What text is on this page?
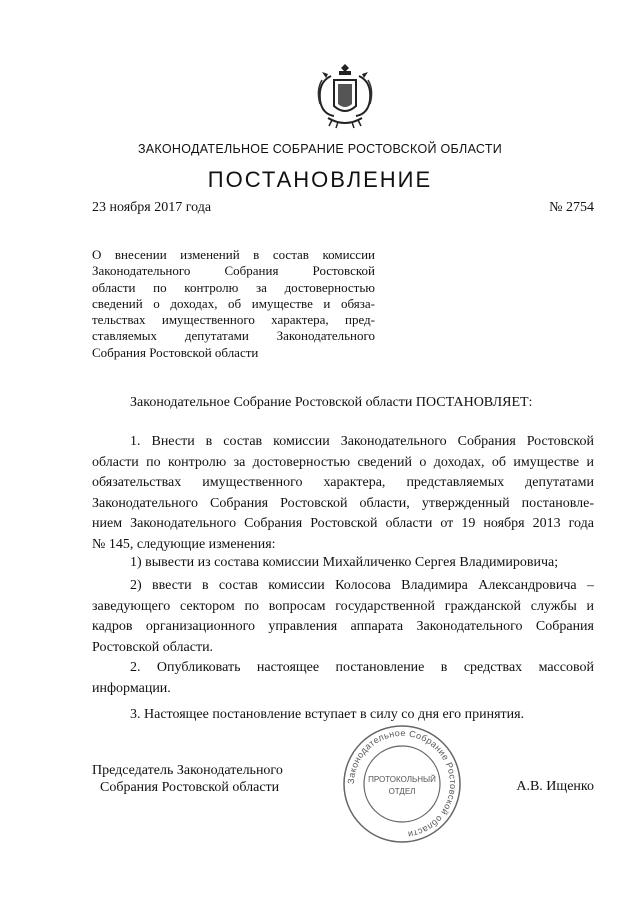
ЗАКОНОДАТЕЛЬНОЕ СОБРАНИЕ РОСТОВСКОЙ ОБЛАСТИ
ПОСТАНОВЛЕНИЕ
23 ноября 2017 года	№ 2754
О внесении изменений в состав комиссии
Законодательного Собрания Ростовской
области по контролю за достоверностью
сведений о доходах, об имуществе и обяза-
тельствах имущественного характера, пред-
ставляемых депутатами Законодательного
Собрания Ростовской области
Законодательное Собрание Ростовской области ПОСТАНОВЛЯЕТ:
1. Внести в состав комиссии Законодательного Собрания Ростовской
области по контролю за достоверностью сведений о доходах, об имуществе и
обязательствах имущественного характера, представляемых депутатами
Законодательного Собрания Ростовской области, утвержденный постановле-
нием Законодательного Собрания Ростовской области от 19 ноября 2013 года
№ 145, следующие изменения:
1) вывести из состава комиссии Михайличенко Сергея Владимировича;
2) ввести в состав комиссии Колосова Владимира Александровича –
заведующего сектором по вопросам государственной гражданской службы и
кадров организационного управления аппарата Законодательного Собрания
Ростовской области.
2. Опубликовать настоящее постановление в средствах массовой
информации.
3. Настоящее постановление вступает в силу со дня его принятия.
Председатель Законодательного
Собрания Ростовской области	А.В. Ищенко
Законодательное Собрание Ростовской области
ПРОТОКОЛЬНЫЙ
ОТДЕЛ
